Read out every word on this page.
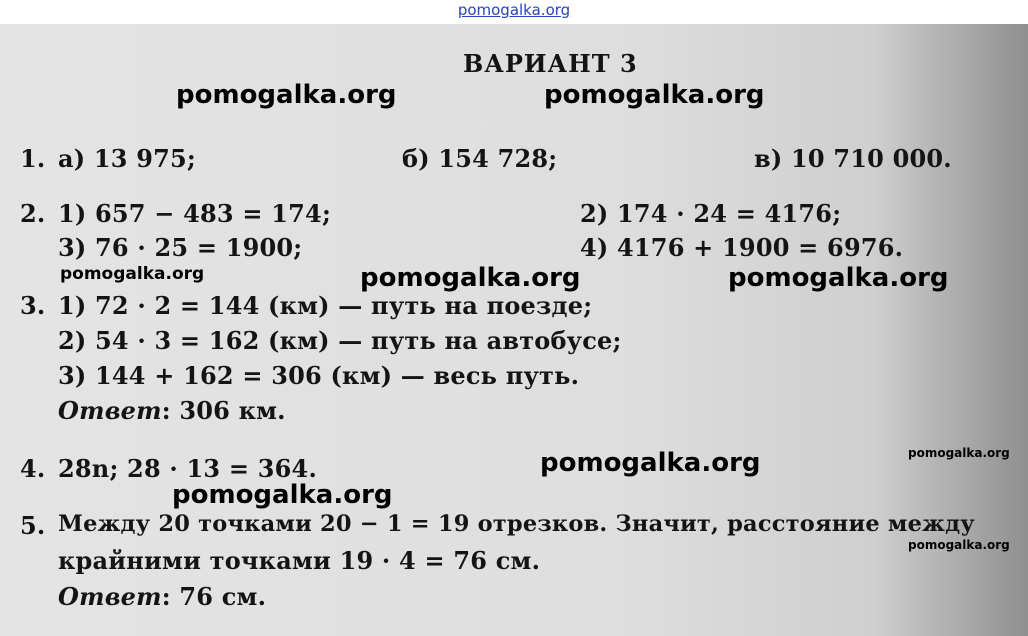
pomogalka.org
ВАРИАНТ 3
pomogalka.org	pomogalka.org
pomogalka.org	pomogalka.org	pomogalka.org
pomogalka.org	pomogalka.org
pomogalka.org
pomogalka.org
1. а) 13 975;	б) 154 728;	в) 10 710 000.
2. 1) 657 − 483 = 174;	2) 174 · 24 = 4176;
3) 76 · 25 = 1900;	4) 4176 + 1900 = 6976.
3. 1) 72 · 2 = 144 (км) — путь на поезде;
2) 54 · 3 = 162 (км) — путь на автобусе;
3) 144 + 162 = 306 (км) — весь путь.
Ответ: 306 км.
4. 28n; 28 · 13 = 364.
5. Между 20 точками 20 − 1 = 19 отрезков. Значит, расстояние между
крайними точками 19 · 4 = 76 см.
Ответ: 76 см.
